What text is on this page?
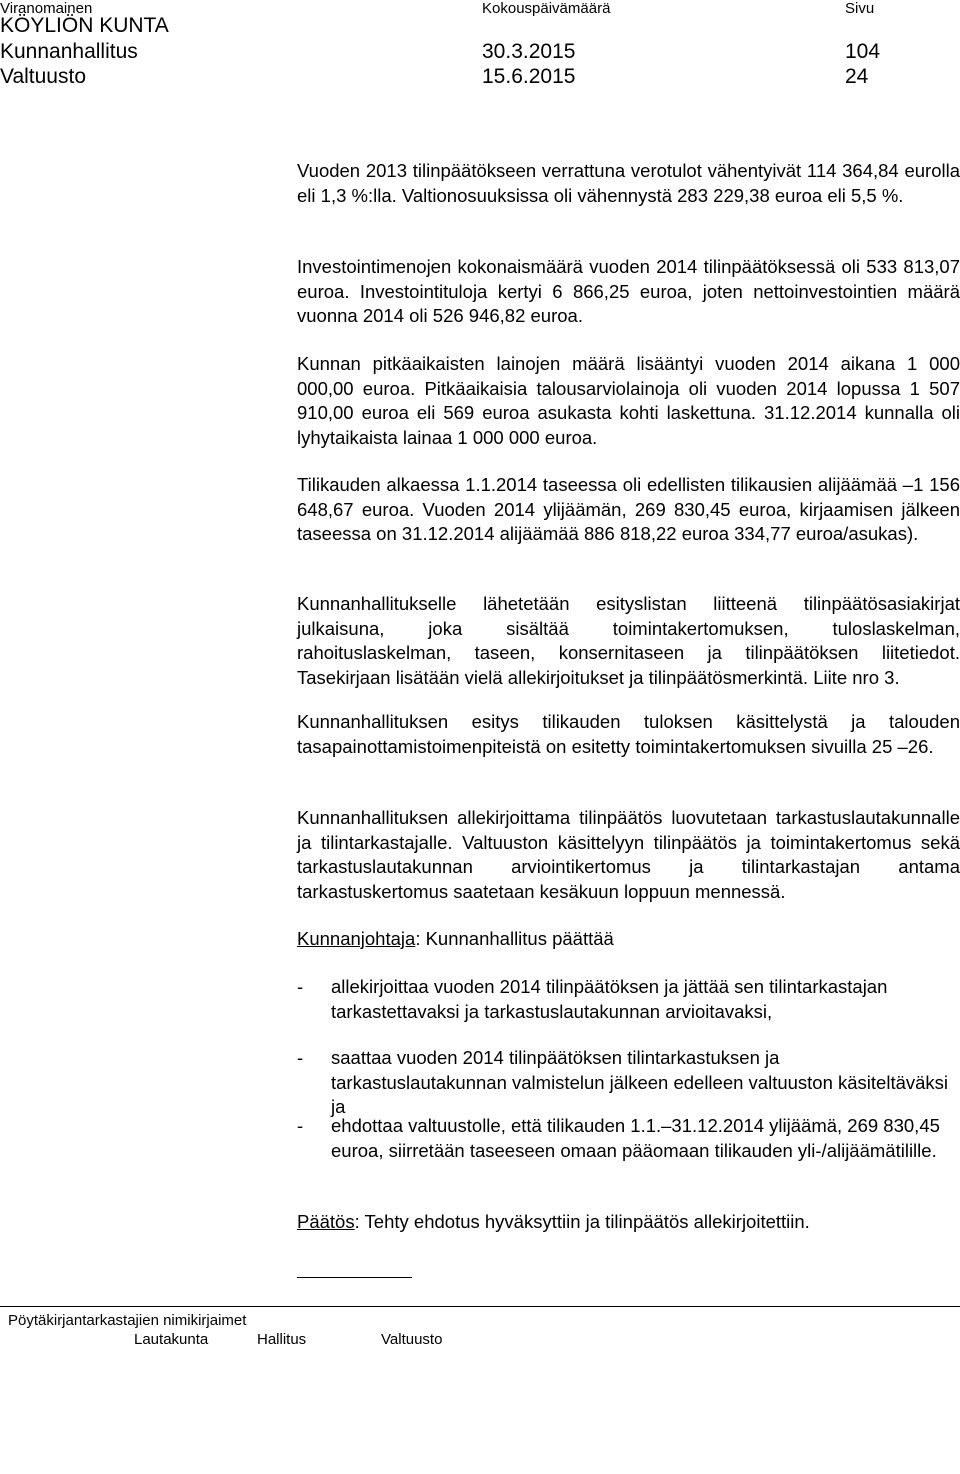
Viranomainen	Kokouspäivämäärä	Sivu
KÖYLIÖN KUNTA
Kunnanhallitus	30.3.2015	104
Valtuusto	15.6.2015	24

Vuoden 2013 tilinpäätökseen verrattuna verotulot vähentyivät 114 364,84 eurolla eli 1,3 %:lla. Valtionosuuksissa oli vähennystä 283 229,38 euroa eli 5,5 %.

Investointimenojen kokonaismäärä vuoden 2014 tilinpäätöksessä oli 533 813,07 euroa. Investointituloja kertyi 6 866,25 euroa, joten nettoinvestointien määrä vuonna 2014 oli 526 946,82 euroa.

Kunnan pitkäaikaisten lainojen määrä lisääntyi vuoden 2014 aikana 1 000 000,00 euroa. Pitkäaikaisia talousarviolainoja oli vuoden 2014 lopussa 1 507 910,00 euroa eli 569 euroa asukasta kohti laskettuna. 31.12.2014 kunnalla oli lyhytaikaista lainaa 1 000 000 euroa.

Tilikauden alkaessa 1.1.2014 taseessa oli edellisten tilikausien alijäämää –1 156 648,67 euroa. Vuoden 2014 ylijäämän, 269 830,45 euroa, kirjaamisen jälkeen taseessa on 31.12.2014 alijäämää 886 818,22 euroa 334,77 euroa/asukas).

Kunnanhallitukselle lähetetään esityslistan liitteenä tilinpäätösasiakirjat julkaisuna, joka sisältää toimintakertomuksen, tuloslaskelman, rahoituslaskelman, taseen, konsernitaseen ja tilinpäätöksen liitetiedot. Tasekirjaan lisätään vielä allekirjoitukset ja tilinpäätösmerkintä. Liite nro 3.

Kunnanhallituksen esitys tilikauden tuloksen käsittelystä ja talouden tasapainottamistoimenpiteistä on esitetty toimintakertomuksen sivuilla 25 –26.

Kunnanhallituksen allekirjoittama tilinpäätös luovutetaan tarkastuslautakunnalle ja tilintarkastajalle. Valtuuston käsittelyyn tilinpäätös ja toimintakertomus sekä tarkastuslautakunnan arviointikertomus ja tilintarkastajan antama tarkastuskertomus saatetaan kesäkuun loppuun mennessä.

Kunnanjohtaja: Kunnanhallitus päättää

- allekirjoittaa vuoden 2014 tilinpäätöksen ja jättää sen tilintarkastajan tarkastettavaksi ja tarkastuslautakunnan arvioitavaksi,
- saattaa vuoden 2014 tilinpäätöksen tilintarkastuksen ja tarkastuslautakunnan valmistelun jälkeen edelleen valtuuston käsiteltäväksi ja
- ehdottaa valtuustolle, että tilikauden 1.1.–31.12.2014 ylijäämä, 269 830,45 euroa, siirretään taseeseen omaan pääomaan tilikauden yli-/alijäämätilille.

Päätös: Tehty ehdotus hyväksyttiin ja tilinpäätös allekirjoitettiin.

Pöytäkirjantarkastajien nimikirjaimet
Lautakunta	Hallitus	Valtuusto
